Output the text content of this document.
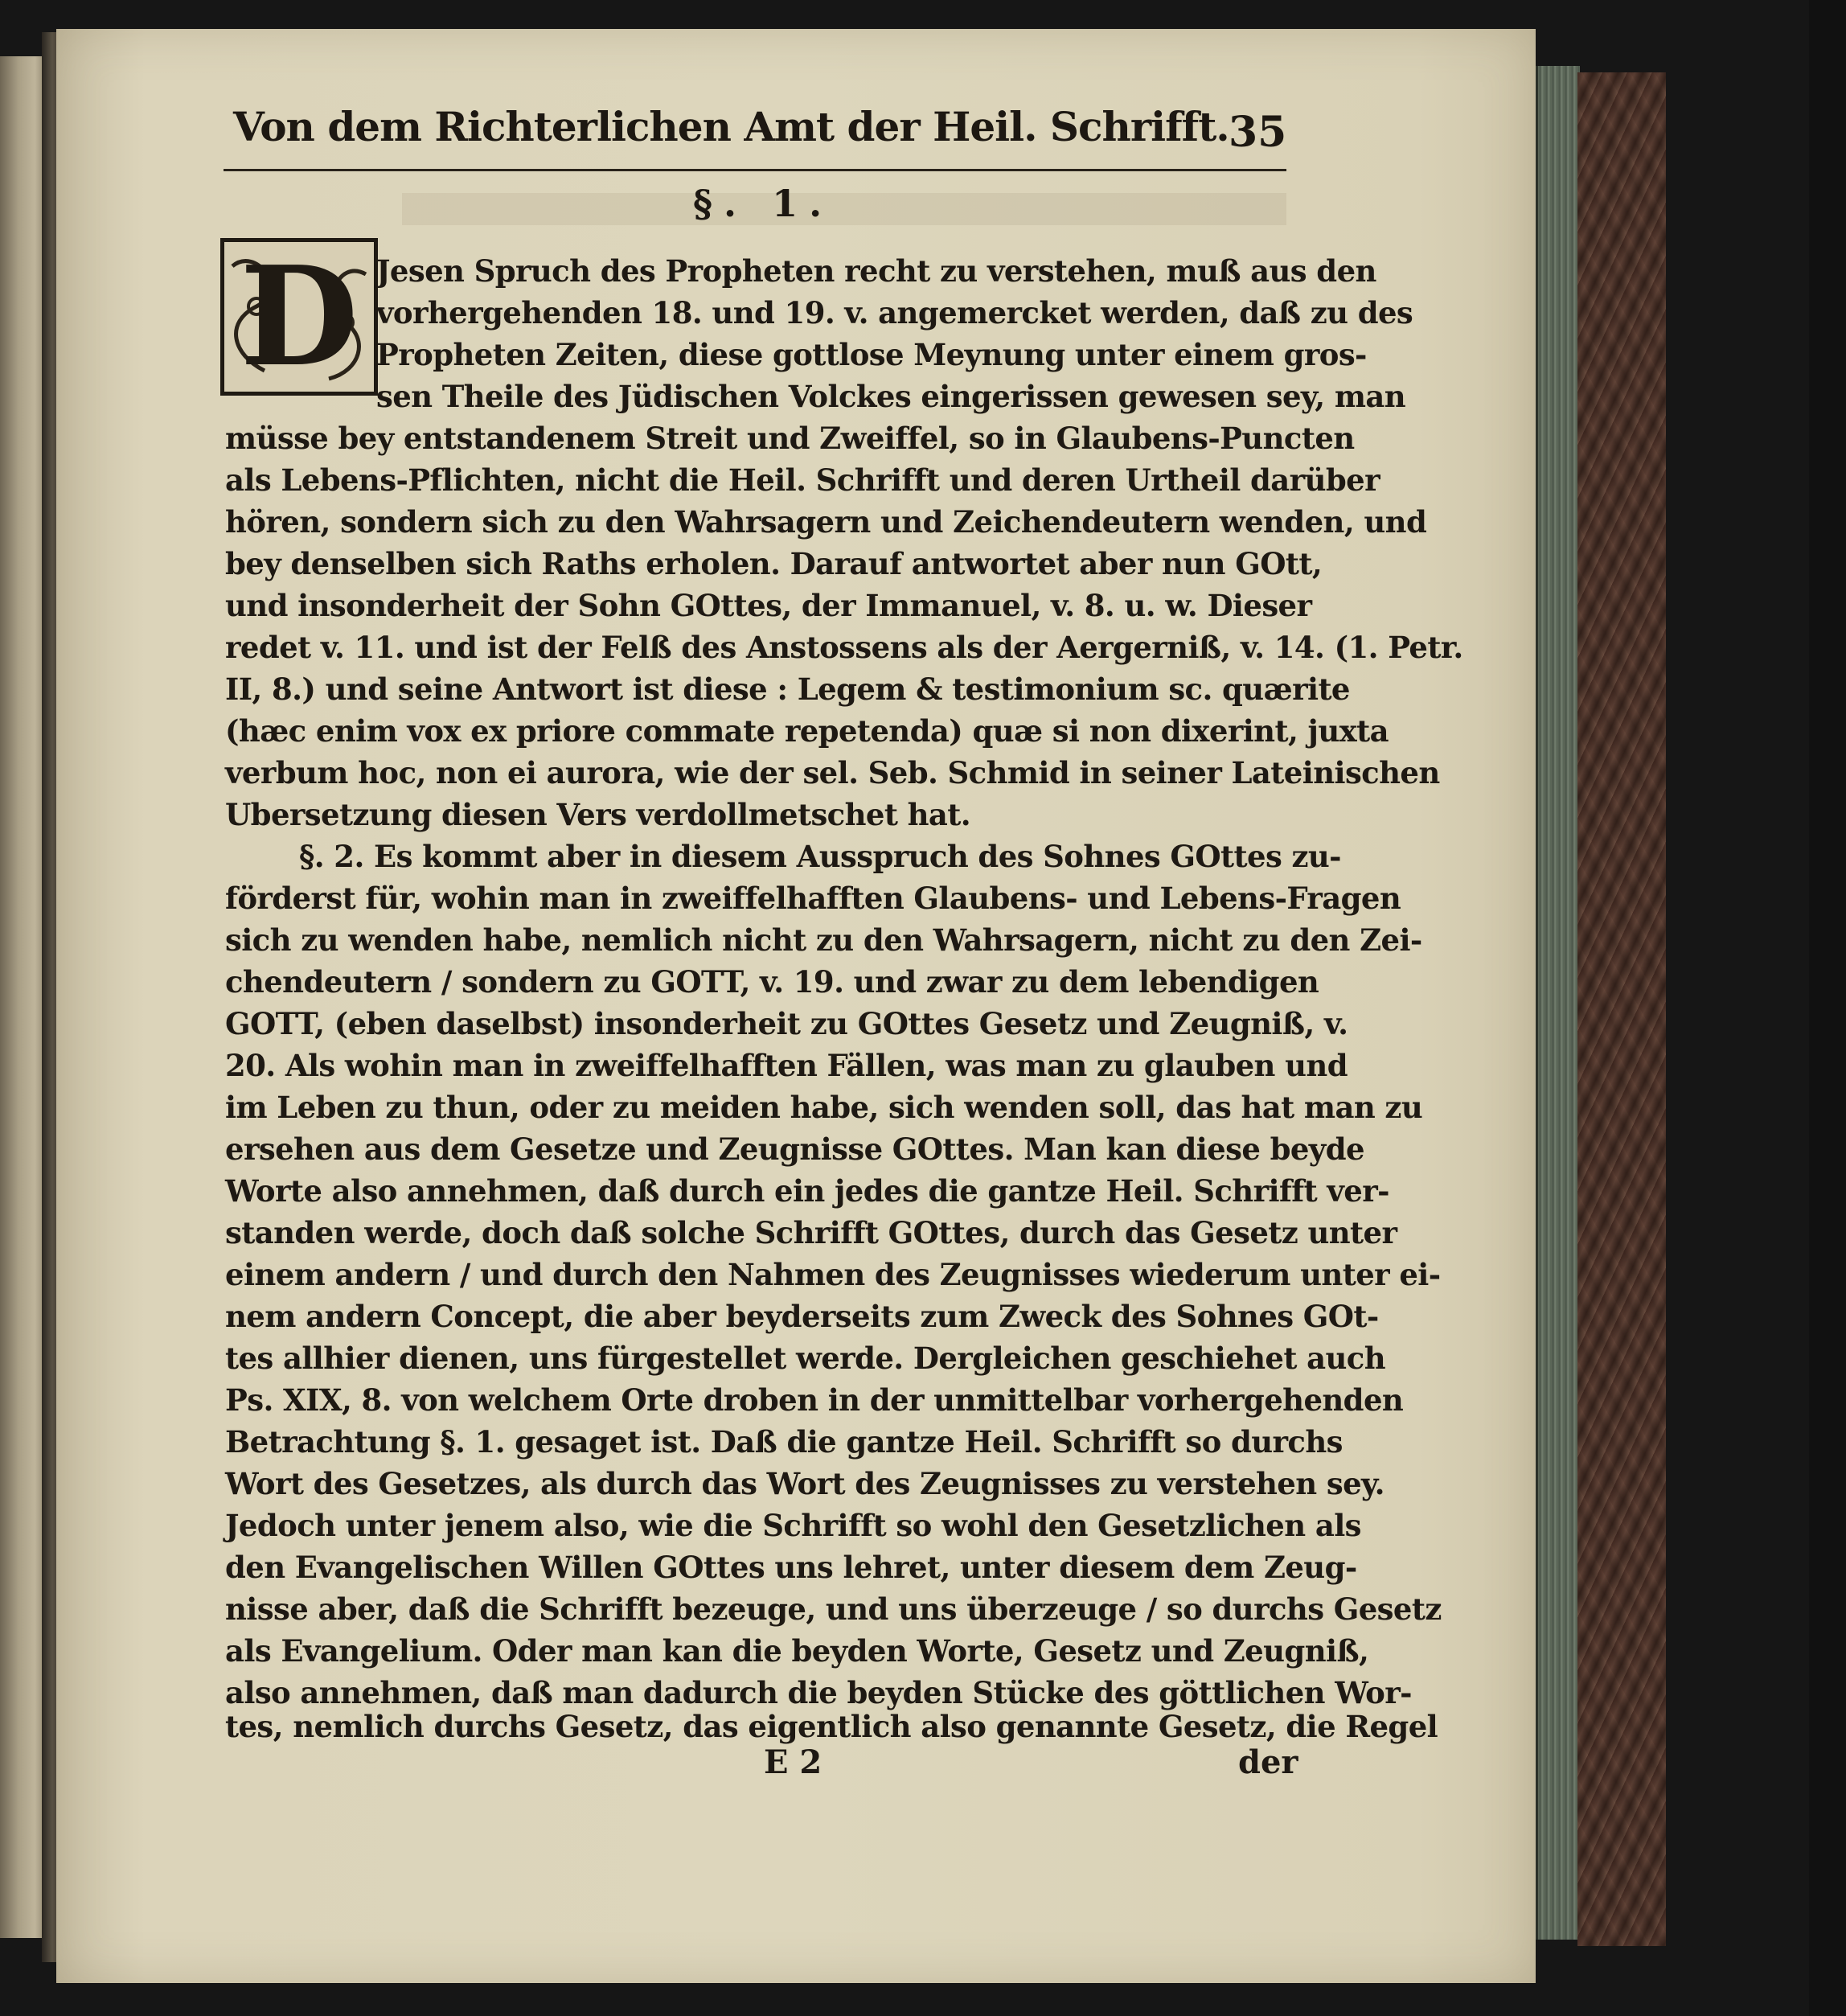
Von dem Richterlichen Amt der Heil. Schrifft. 35
§. 1.
D Jesen Spruch des Propheten recht zu verstehen, muß aus den
vorhergehenden 18. und 19. v. angemercket werden, daß zu des
Propheten Zeiten, diese gottlose Meynung unter einem gros-
sen Theile des Jüdischen Volckes eingerissen gewesen sey, man
müsse bey entstandenem Streit und Zweiffel, so in Glaubens-Puncten
als Lebens-Pflichten, nicht die Heil. Schrifft und deren Urtheil darüber
hören, sondern sich zu den Wahrsagern und Zeichendeutern wenden, und
bey denselben sich Raths erholen. Darauf antwortet aber nun GOtt,
und insonderheit der Sohn GOttes, der Immanuel, v. 8. u. w. Dieser
redet v. 11. und ist der Felß des Anstossens als der Aergerniß, v. 14. (1. Petr.
II, 8.) und seine Antwort ist diese : Legem & testimonium sc. quærite
(hæc enim vox ex priore commate repetenda) quæ si non dixerint, juxta
verbum hoc, non ei aurora, wie der sel. Seb. Schmid in seiner Lateinischen
Ubersetzung diesen Vers verdollmetschet hat.
§. 2. Es kommt aber in diesem Ausspruch des Sohnes GOttes zu-
förderst für, wohin man in zweiffelhafften Glaubens- und Lebens-Fragen
sich zu wenden habe, nemlich nicht zu den Wahrsagern, nicht zu den Zei-
chendeutern / sondern zu GOTT, v. 19. und zwar zu dem lebendigen
GOTT, (eben daselbst) insonderheit zu GOttes Gesetz und Zeugniß, v.
20. Als wohin man in zweiffelhafften Fällen, was man zu glauben und
im Leben zu thun, oder zu meiden habe, sich wenden soll, das hat man zu
ersehen aus dem Gesetze und Zeugnisse GOttes. Man kan diese beyde
Worte also annehmen, daß durch ein jedes die gantze Heil. Schrifft ver-
standen werde, doch daß solche Schrifft GOttes, durch das Gesetz unter
einem andern / und durch den Nahmen des Zeugnisses wiederum unter ei-
nem andern Concept, die aber beyderseits zum Zweck des Sohnes GOt-
tes allhier dienen, uns fürgestellet werde. Dergleichen geschiehet auch
Ps. XIX, 8. von welchem Orte droben in der unmittelbar vorhergehenden
Betrachtung §. 1. gesaget ist. Daß die gantze Heil. Schrifft so durchs
Wort des Gesetzes, als durch das Wort des Zeugnisses zu verstehen sey.
Jedoch unter jenem also, wie die Schrifft so wohl den Gesetzlichen als
den Evangelischen Willen GOttes uns lehret, unter diesem dem Zeug-
nisse aber, daß die Schrifft bezeuge, und uns überzeuge / so durchs Gesetz
als Evangelium. Oder man kan die beyden Worte, Gesetz und Zeugniß,
also annehmen, daß man dadurch die beyden Stücke des göttlichen Wor-
tes, nemlich durchs Gesetz, das eigentlich also genannte Gesetz, die Regel
E 2	der
